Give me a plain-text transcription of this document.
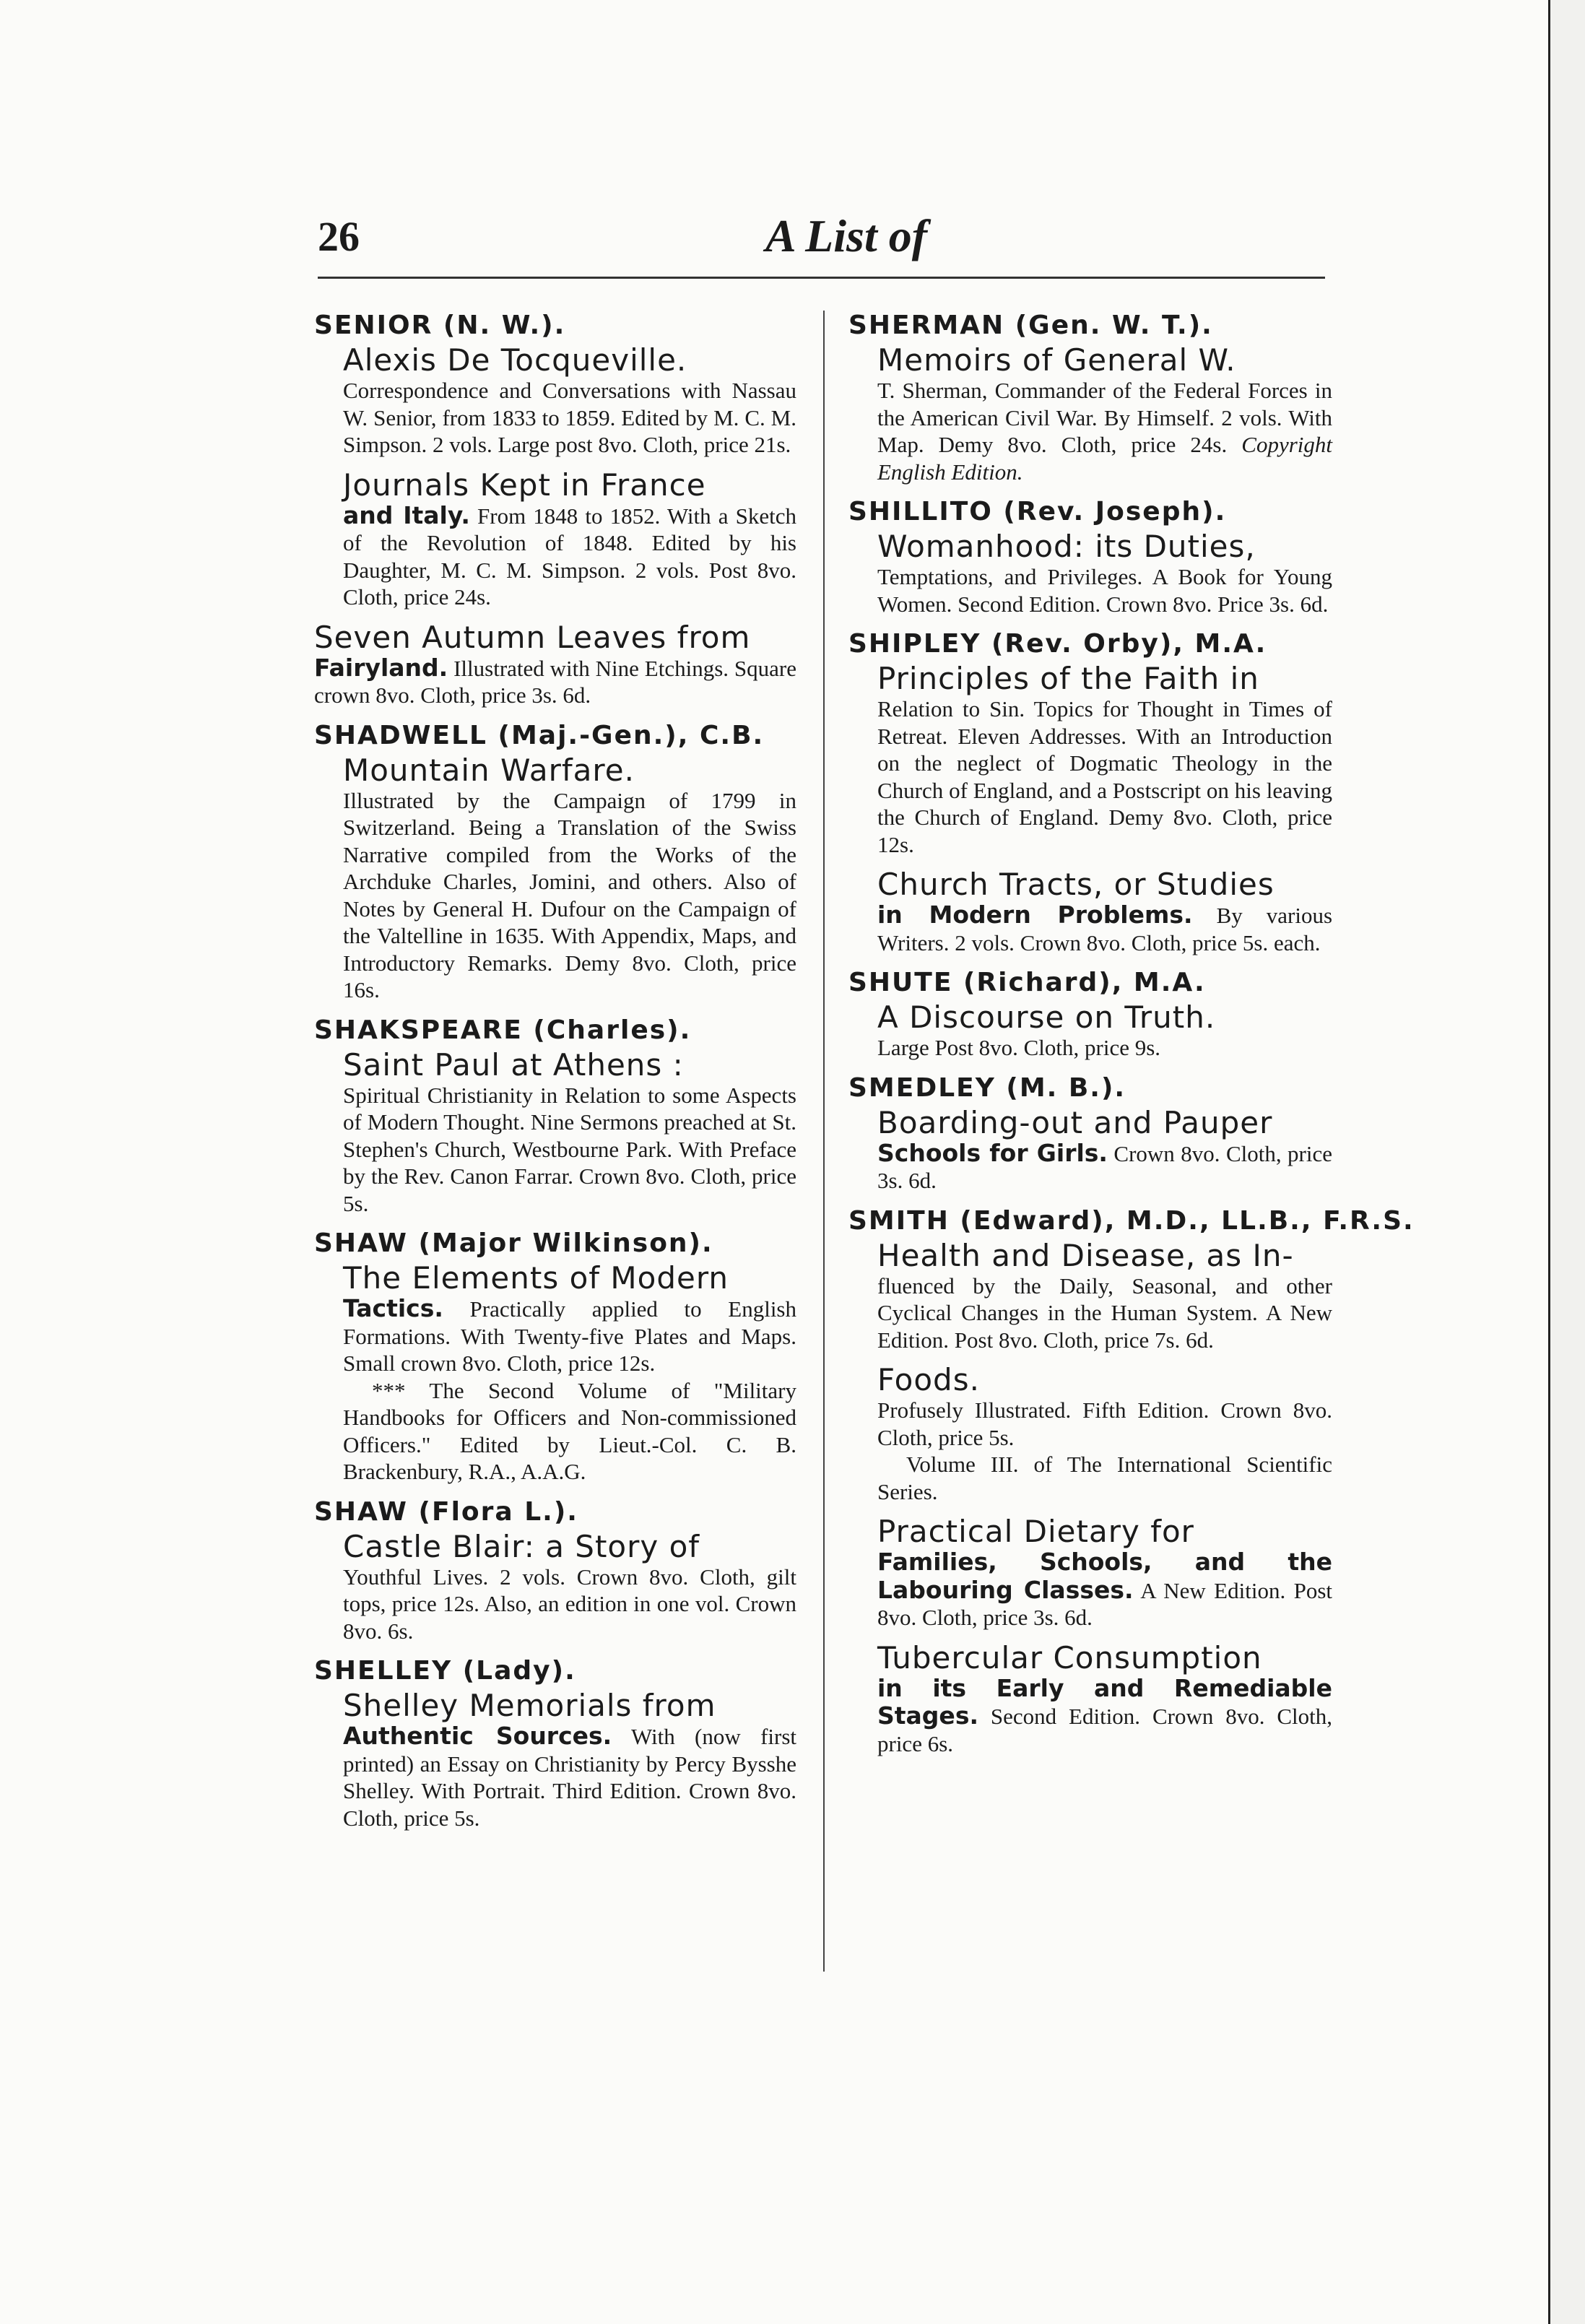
26	A List of
SENIOR (N. W.).
Alexis De Tocqueville.
Correspondence and Conversations with Nassau W. Senior, from 1833 to 1859. Edited by M. C. M. Simpson. 2 vols. Large post 8vo. Cloth, price 21s.
Journals Kept in France
and Italy. From 1848 to 1852. With a Sketch of the Revolution of 1848. Edited by his Daughter, M. C. M. Simpson. 2 vols. Post 8vo. Cloth, price 24s.
Seven Autumn Leaves from
Fairyland. Illustrated with Nine Etchings. Square crown 8vo. Cloth, price 3s. 6d.
SHADWELL (Maj.-Gen.), C.B.
Mountain Warfare.
Illustrated by the Campaign of 1799 in Switzerland. Being a Translation of the Swiss Narrative compiled from the Works of the Archduke Charles, Jomini, and others. Also of Notes by General H. Dufour on the Campaign of the Valtelline in 1635. With Appendix, Maps, and Introductory Remarks. Demy 8vo. Cloth, price 16s.
SHAKSPEARE (Charles).
Saint Paul at Athens :
Spiritual Christianity in Relation to some Aspects of Modern Thought. Nine Sermons preached at St. Stephen's Church, Westbourne Park. With Preface by the Rev. Canon Farrar. Crown 8vo. Cloth, price 5s.
SHAW (Major Wilkinson).
The Elements of Modern
Tactics. Practically applied to English Formations. With Twenty-five Plates and Maps. Small crown 8vo. Cloth, price 12s.
*** The Second Volume of "Military Handbooks for Officers and Non-commissioned Officers." Edited by Lieut.-Col. C. B. Brackenbury, R.A., A.A.G.
SHAW (Flora L.).
Castle Blair: a Story of
Youthful Lives. 2 vols. Crown 8vo. Cloth, gilt tops, price 12s. Also, an edition in one vol. Crown 8vo. 6s.
SHELLEY (Lady).
Shelley Memorials from
Authentic Sources. With (now first printed) an Essay on Christianity by Percy Bysshe Shelley. With Portrait. Third Edition. Crown 8vo. Cloth, price 5s.
SHERMAN (Gen. W. T.).
Memoirs of General W.
T. Sherman, Commander of the Federal Forces in the American Civil War. By Himself. 2 vols. With Map. Demy 8vo. Cloth, price 24s. Copyright English Edition.
SHILLITO (Rev. Joseph).
Womanhood: its Duties,
Temptations, and Privileges. A Book for Young Women. Second Edition. Crown 8vo. Price 3s. 6d.
SHIPLEY (Rev. Orby), M.A.
Principles of the Faith in
Relation to Sin. Topics for Thought in Times of Retreat. Eleven Addresses. With an Introduction on the neglect of Dogmatic Theology in the Church of England, and a Postscript on his leaving the Church of England. Demy 8vo. Cloth, price 12s.
Church Tracts, or Studies
in Modern Problems. By various Writers. 2 vols. Crown 8vo. Cloth, price 5s. each.
SHUTE (Richard), M.A.
A Discourse on Truth.
Large Post 8vo. Cloth, price 9s.
SMEDLEY (M. B.).
Boarding-out and Pauper
Schools for Girls. Crown 8vo. Cloth, price 3s. 6d.
SMITH (Edward), M.D., LL.B., F.R.S.
Health and Disease, as In-
fluenced by the Daily, Seasonal, and other Cyclical Changes in the Human System. A New Edition. Post 8vo. Cloth, price 7s. 6d.
Foods.
Profusely Illustrated. Fifth Edition. Crown 8vo. Cloth, price 5s.
Volume III. of The International Scientific Series.
Practical Dietary for
Families, Schools, and the Labouring Classes. A New Edition. Post 8vo. Cloth, price 3s. 6d.
Tubercular Consumption
in its Early and Remediable Stages. Second Edition. Crown 8vo. Cloth, price 6s.
